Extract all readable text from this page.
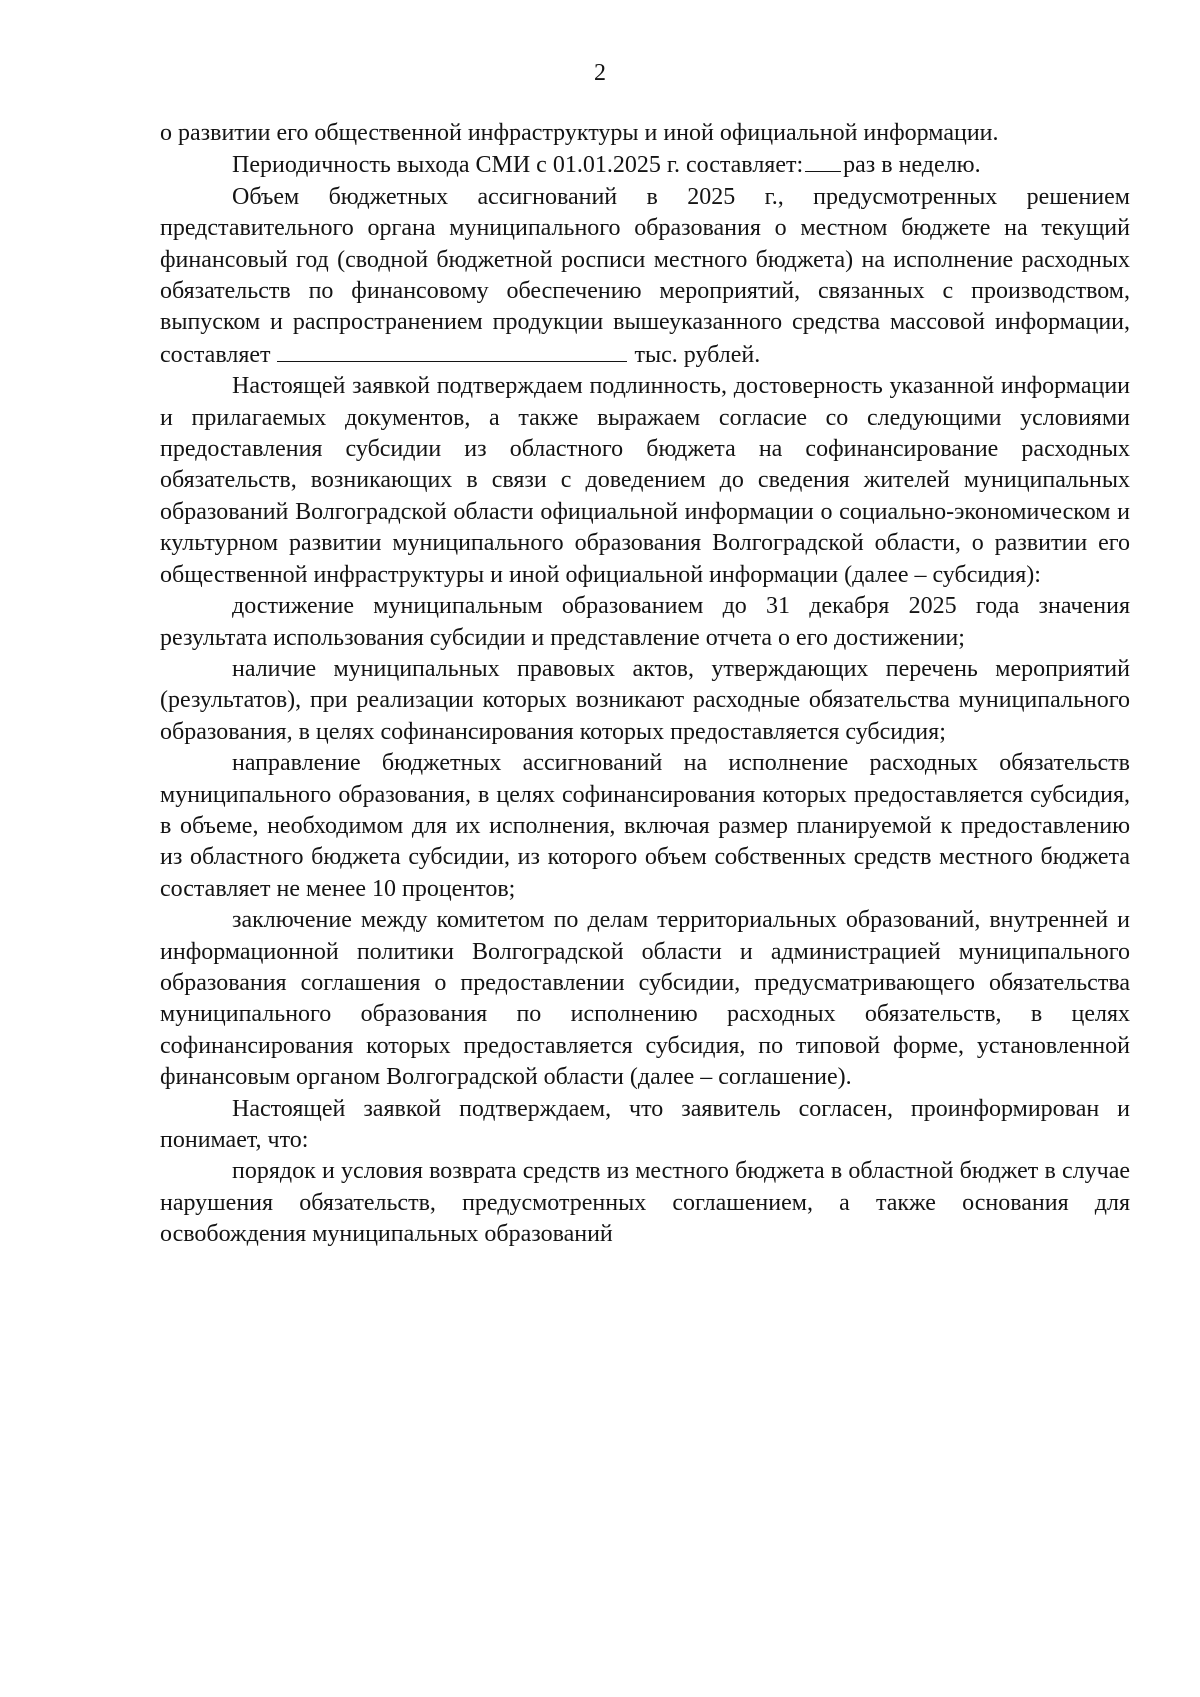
2

о развитии его общественной инфраструктуры и иной официальной информации.

Периодичность выхода СМИ с 01.01.2025 г. составляет: раз в неделю.

Объем бюджетных ассигнований в 2025 г., предусмотренных решением представительного органа муниципального образования о местном бюджете на текущий финансовый год (сводной бюджетной росписи местного бюджета) на исполнение расходных обязательств по финансовому обеспечению мероприятий, связанных с производством, выпуском и распространением продукции вышеуказанного средства массовой информации, составляет	тыс. рублей.

Настоящей заявкой подтверждаем подлинность, достоверность указанной информации и прилагаемых документов, а также выражаем согласие со следующими условиями предоставления субсидии из областного бюджета на софинансирование расходных обязательств, возникающих в связи с доведением до сведения жителей муниципальных образований Волгоградской области официальной информации о социально-экономическом и культурном развитии муниципального образования Волгоградской области, о развитии его общественной инфраструктуры и иной официальной информации (далее – субсидия):

достижение муниципальным образованием до 31 декабря 2025 года значения результата использования субсидии и представление отчета о его достижении;

наличие муниципальных правовых актов, утверждающих перечень мероприятий (результатов), при реализации которых возникают расходные обязательства муниципального образования, в целях софинансирования которых предоставляется субсидия;

направление бюджетных ассигнований на исполнение расходных обязательств муниципального образования, в целях софинансирования которых предоставляется субсидия, в объеме, необходимом для их исполнения, включая размер планируемой к предоставлению из областного бюджета субсидии, из которого объем собственных средств местного бюджета составляет не менее 10 процентов;

заключение между комитетом по делам территориальных образований, внутренней и информационной политики Волгоградской области и администрацией муниципального образования соглашения о предоставлении субсидии, предусматривающего обязательства муниципального образования по исполнению расходных обязательств, в целях софинансирования которых предоставляется субсидия, по типовой форме, установленной финансовым органом Волгоградской области (далее – соглашение).

Настоящей заявкой подтверждаем, что заявитель согласен, проинформирован и понимает, что:

порядок и условия возврата средств из местного бюджета в областной бюджет в случае нарушения обязательств, предусмотренных соглашением, а также основания для освобождения муниципальных образований
